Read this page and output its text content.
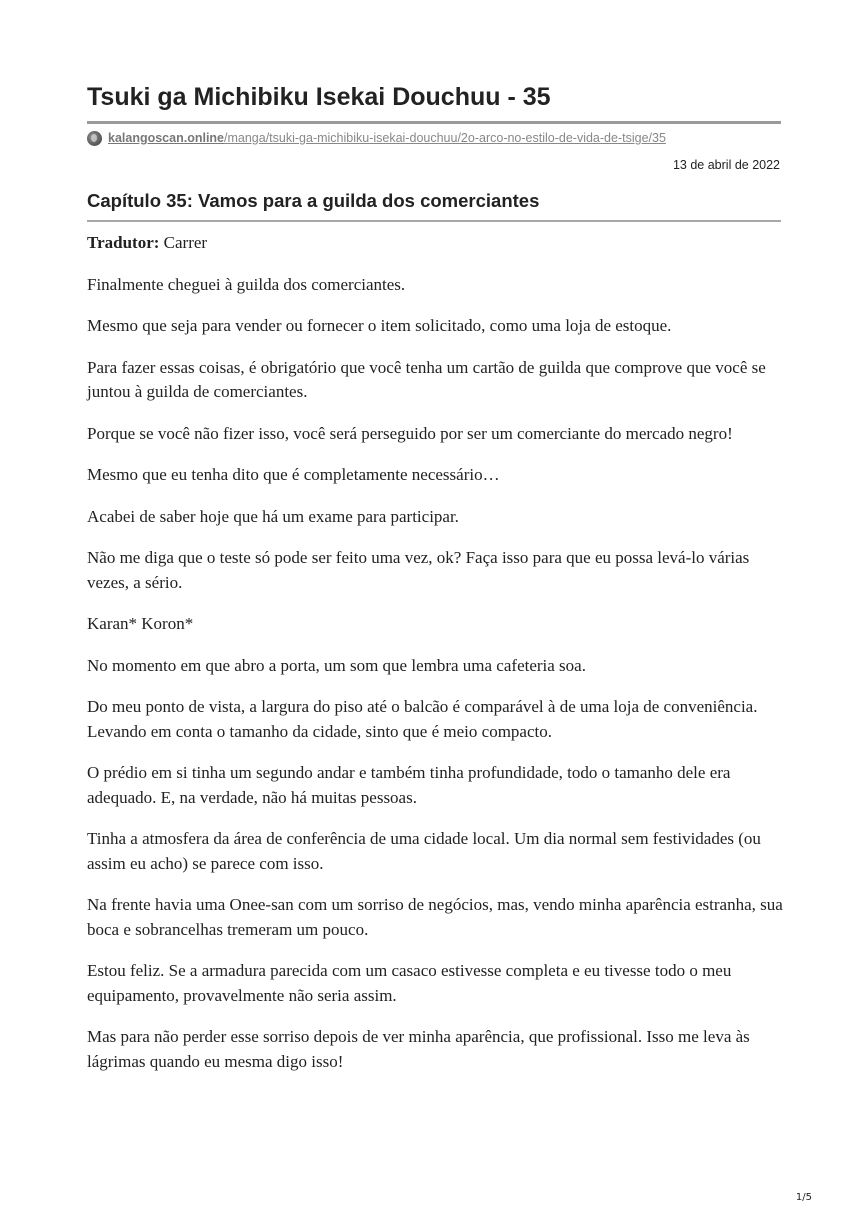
Tsuki ga Michibiku Isekai Douchuu - 35
kalangoscan.online /manga/tsuki-ga-michibiku-isekai-douchuu/2o-arco-no-estilo-de-vida-de-tsige/35
13 de abril de 2022
Capítulo 35: Vamos para a guilda dos comerciantes

Tradutor: Carrer

Finalmente cheguei à guilda dos comerciantes.

Mesmo que seja para vender ou fornecer o item solicitado, como uma loja de estoque.

Para fazer essas coisas, é obrigatório que você tenha um cartão de guilda que comprove que você se juntou à guilda de comerciantes.

Porque se você não fizer isso, você será perseguido por ser um comerciante do mercado negro!

Mesmo que eu tenha dito que é completamente necessário…

Acabei de saber hoje que há um exame para participar.

Não me diga que o teste só pode ser feito uma vez, ok? Faça isso para que eu possa levá-lo várias vezes, a sério.

Karan* Koron*

No momento em que abro a porta, um som que lembra uma cafeteria soa.

Do meu ponto de vista, a largura do piso até o balcão é comparável à de uma loja de conveniência. Levando em conta o tamanho da cidade, sinto que é meio compacto.

O prédio em si tinha um segundo andar e também tinha profundidade, todo o tamanho dele era adequado. E, na verdade, não há muitas pessoas.

Tinha a atmosfera da área de conferência de uma cidade local. Um dia normal sem festividades (ou assim eu acho) se parece com isso.

Na frente havia uma Onee-san com um sorriso de negócios, mas, vendo minha aparência estranha, sua boca e sobrancelhas tremeram um pouco.

Estou feliz. Se a armadura parecida com um casaco estivesse completa e eu tivesse todo o meu equipamento, provavelmente não seria assim.

Mas para não perder esse sorriso depois de ver minha aparência, que profissional. Isso me leva às lágrimas quando eu mesma digo isso!

1/5
